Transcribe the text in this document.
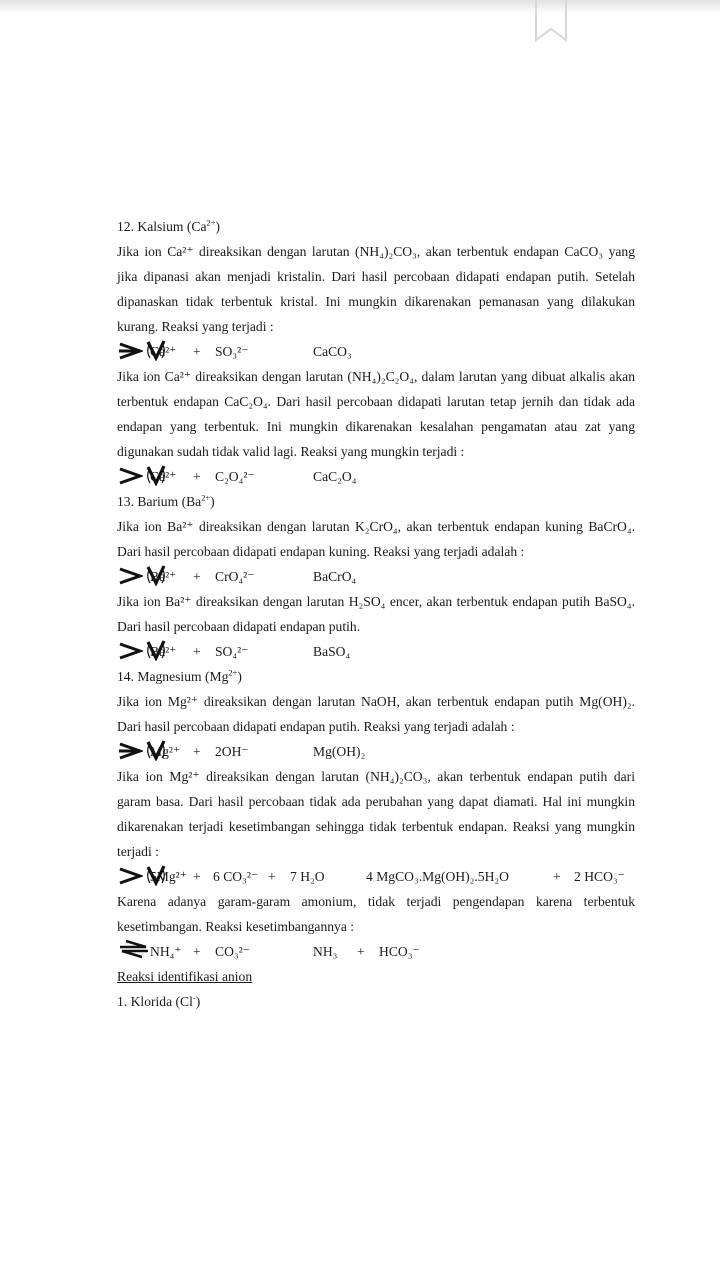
12. Kalsium $(Ca^{2+})$

Jika ion Ca²⁺ direaksikan dengan larutan (NH₄)₂CO₃, akan terbentuk endapan CaCO₃ yang jika dipanasi akan menjadi kristalin. Dari hasil percobaan didapati endapan putih. Setelah dipanaskan tidak terbentuk kristal. Ini mungkin dikarenakan pemanasan yang dilakukan kurang. Reaksi yang terjadi :

Ca²⁺ + SO₃²⁻
	CaCO₃

Jika ion Ca²⁺ direaksikan dengan larutan (NH₄)₂C₂O₄, dalam larutan yang dibuat alkalis akan terbentuk endapan CaC₂O₄. Dari hasil percobaan didapati larutan tetap jernih dan tidak ada endapan yang terbentuk. Ini mungkin dikarenakan kesalahan pengamatan atau zat yang digunakan sudah tidak valid lagi. Reaksi yang mungkin terjadi :

Ca²⁺ + C₂O₄²⁻
	CaC₂O₄

13. Barium $(Ba^{2+})$

Jika ion Ba²⁺ direaksikan dengan larutan K₂CrO₄, akan terbentuk endapan kuning BaCrO₄. Dari hasil percobaan didapati endapan kuning. Reaksi yang terjadi adalah :

Ba²⁺ + CrO₄²⁻
	BaCrO₄

Jika ion Ba²⁺ direaksikan dengan larutan H₂SO₄ encer, akan terbentuk endapan putih BaSO₄. Dari hasil percobaan didapati endapan putih.

Ba²⁺ + SO₄²⁻
	BaSO₄

14. Magnesium $(Mg^{2+})$

Jika ion Mg²⁺ direaksikan dengan larutan NaOH, akan terbentuk endapan putih Mg(OH)₂. Dari hasil percobaan didapati endapan putih. Reaksi yang terjadi adalah :

Mg²⁺ + 2OH⁻
	Mg(OH)₂

Jika ion Mg²⁺ direaksikan dengan larutan (NH₄)₂CO₃, akan terbentuk endapan putih dari garam basa. Dari hasil percobaan tidak ada perubahan yang dapat diamati. Hal ini mungkin dikarenakan terjadi kesetimbangan sehingga tidak terbentuk endapan. Reaksi yang mungkin terjadi :

5Mg²⁺ + 6 CO₃²⁻ + 7 H₂O
	4 MgCO₃.Mg(OH)₂.5H₂O	+ 2 HCO₃⁻

Karena adanya garam-garam amonium, tidak terjadi pengendapan karena terbentuk kesetimbangan. Reaksi kesetimbangannya :

NH₄⁺ + CO₃²⁻	NH₃ + HCO₃⁻

Reaksi identifikasi anion

1. Klorida (Cl-)
